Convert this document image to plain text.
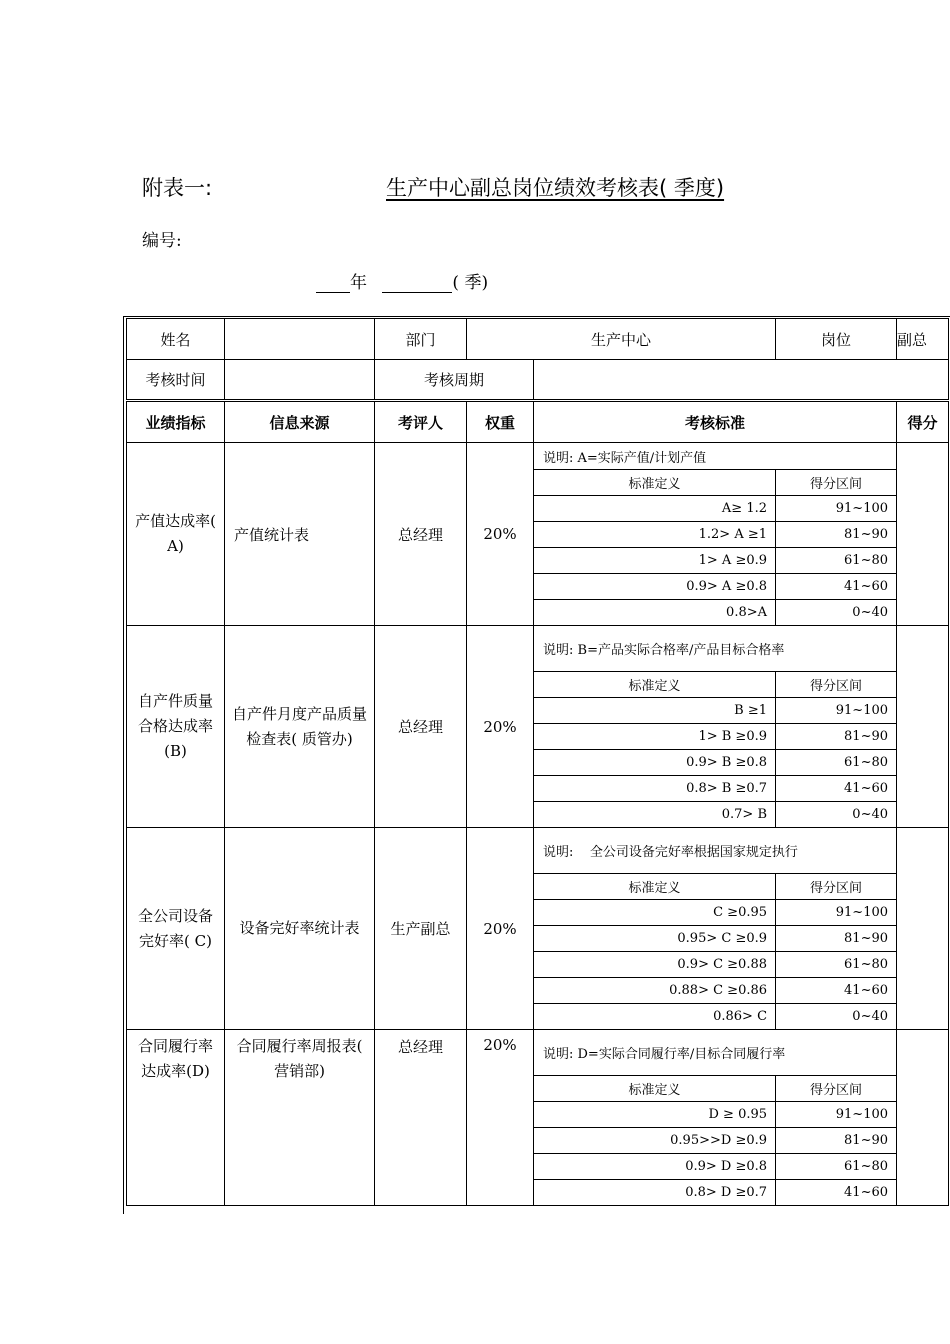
附表一:	生产中心副总岗位绩效考核表( 季度)
编号:
年	( 季)
姓名		部门	生产中心		岗位	副总
考核时间		考核周期				
业绩指标	信息来源	考评人	权重	考核标准		得分
产值达成率( A)	产值统计表	总经理	20%	说明: A=实际产值/计划产值		
				标准定义	得分区间	
				A≥ 1.2	91~100	
				1.2> A ≥1	81~90	
				1> A ≥0.9	61~80	
				0.9> A ≥0.8	41~60	
				0.8>A	0~40	
自产件质量合格达成率(B)	自产件月度产品质量检查表( 质管办)	总经理	20%	说明: B=产品实际合格率/产品目标合格率		
				标准定义	得分区间	
				B ≥1	91~100	
				1> B ≥0.9	81~90	
				0.9> B ≥0.8	61~80	
				0.8> B ≥0.7	41~60	
				0.7> B	0~40	
全公司设备完好率( C)	设备完好率统计表	生产副总	20%	说明:    全公司设备完好率根据国家规定执行		
				标准定义	得分区间	
				C ≥0.95	91~100	
				0.95> C ≥0.9	81~90	
				0.9> C ≥0.88	61~80	
				0.88> C ≥0.86	41~60	
				0.86> C	0~40	
合同履行率达成率(D)	合同履行率周报表( 营销部)	总经理	20%	说明: D=实际合同履行率/目标合同履行率		
				标准定义	得分区间	
				D ≥ 0.95	91~100	
				0.95>>D ≥0.9	81~90	
				0.9> D ≥0.8	61~80	
				0.8> D ≥0.7	41~60	
